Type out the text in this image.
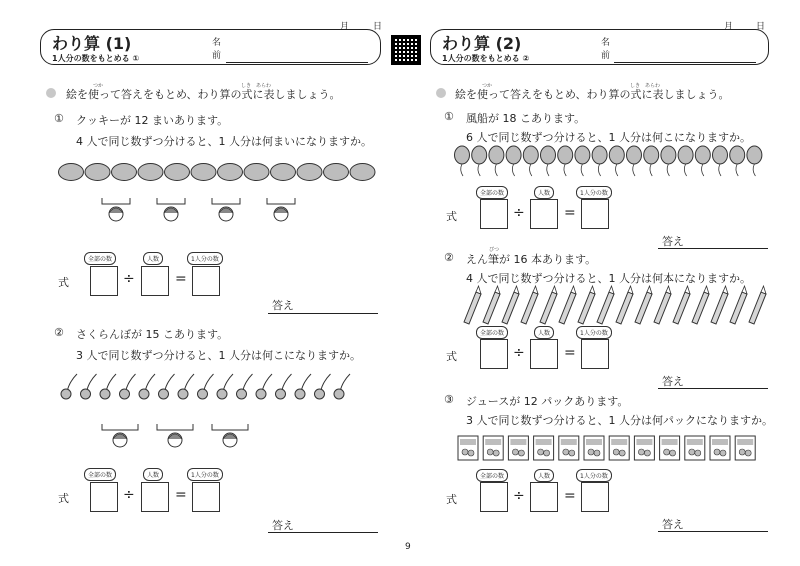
月	日
わり算 (1)
1人分の数をもとめる ①
名前
つか	しき あらわ
絵を使って答えをもとめ、わり算の式に表しましょう。
① クッキーが 12 まいあります。
4 人で同じ数ずつ分けると、1 人分は何まいになりますか。
全部の数	人数	1人分の数
式	÷	=
答え
② さくらんぼが 15 こあります。
3 人で同じ数ずつ分けると、1 人分は何こになりますか。
全部の数	人数	1人分の数
式	÷	=
答え
9
月	日
わり算 (2)
1人分の数をもとめる ②
名前
つか	しき あらわ
絵を使って答えをもとめ、わり算の式に表しましょう。
① 風船が 18 こあります。
6 人で同じ数ずつ分けると、1 人分は何こになりますか。
全部の数	人数	1人分の数
式	÷	=
答え
ぴつ
② えん筆が 16 本あります。
4 人で同じ数ずつ分けると、1 人分は何本になりますか。
全部の数	人数	1人分の数
式	÷	=
答え
③ ジュースが 12 パックあります。
3 人で同じ数ずつ分けると、1 人分は何パックになりますか。
全部の数	人数	1人分の数
式	÷	=
答え
